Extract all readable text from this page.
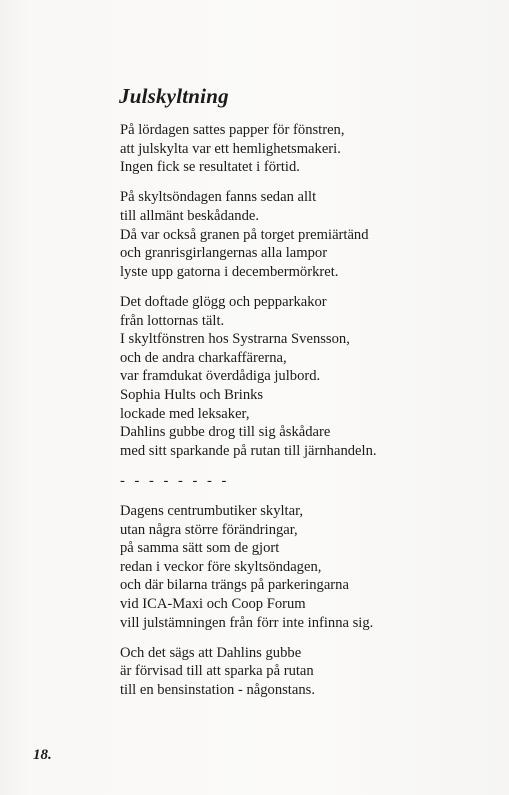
Julskyltning
På lördagen sattes papper för fönstren,
att julskylta var ett hemlighetsmakeri.
Ingen fick se resultatet i förtid.
På skyltsöndagen fanns sedan allt
till allmänt beskådande.
Då var också granen på torget premiärtänd
och granrisgirlangernas alla lampor
lyste upp gatorna i decembermörkret.
Det doftade glögg och pepparkakor
från lottornas tält.
I skyltfönstren hos Systrarna Svensson,
och de andra charkaffärerna,
var framdukat överdådiga julbord.
Sophia Hults och Brinks
lockade med leksaker,
Dahlins gubbe drog till sig åskådare
med sitt sparkande på rutan till järnhandeln.
- - - - - - - -
Dagens centrumbutiker skyltar,
utan några större förändringar,
på samma sätt som de gjort
redan i veckor före skyltsöndagen,
och där bilarna trängs på parkeringarna
vid ICA-Maxi och Coop Forum
vill julstämningen från förr inte infinna sig.
Och det sägs att Dahlins gubbe
är förvisad till att sparka på rutan
till en bensinstation - någonstans.
18.
